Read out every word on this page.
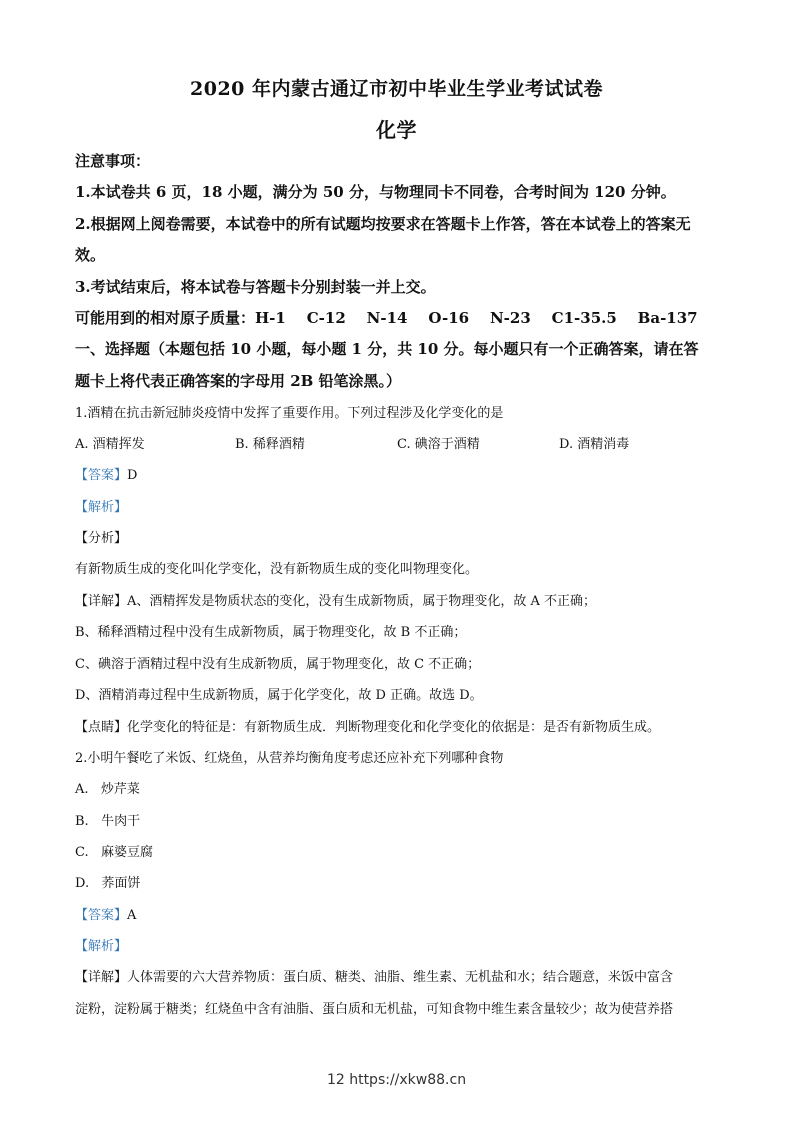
2020 年内蒙古通辽市初中毕业生学业考试试卷
化学
注意事项：
1.本试卷共 6 页，18 小题，满分为 50 分，与物理同卡不同卷，合考时间为 120 分钟。
2.根据网上阅卷需要，本试卷中的所有试题均按要求在答题卡上作答，答在本试卷上的答案无
效。
3.考试结束后，将本试卷与答题卡分别封装一并上交。
可能用到的相对原子质量：H-1    C-12    N-14    O-16    N-23    C1-35.5    Ba-137
一、选择题（本题包括 10 小题，每小题 1 分，共 10 分。每小题只有一个正确答案，请在答
题卡上将代表正确答案的字母用 2B 铅笔涂黑。）
1.酒精在抗击新冠肺炎疫情中发挥了重要作用。下列过程涉及化学变化的是
A. 酒精挥发	B. 稀释酒精	C. 碘溶于酒精	D. 酒精消毒
【答案】D
【解析】
【分析】
有新物质生成的变化叫化学变化，没有新物质生成的变化叫物理变化。
【详解】A、酒精挥发是物质状态的变化，没有生成新物质，属于物理变化，故 A 不正确；
B、稀释酒精过程中没有生成新物质，属于物理变化，故 B 不正确；
C、碘溶于酒精过程中没有生成新物质，属于物理变化，故 C 不正确；
D、酒精消毒过程中生成新物质，属于化学变化，故 D 正确。故选 D。
【点睛】化学变化的特征是：有新物质生成．判断物理变化和化学变化的依据是：是否有新物质生成。
2.小明午餐吃了米饭、红烧鱼，从营养均衡角度考虑还应补充下列哪种食物
A.   炒芹菜
B.   牛肉干
C.   麻婆豆腐
D.   荞面饼
【答案】A
【解析】
【详解】人体需要的六大营养物质：蛋白质、糖类、油脂、维生素、无机盐和水；结合题意，米饭中富含
淀粉，淀粉属于糖类；红烧鱼中含有油脂、蛋白质和无机盐，可知食物中维生素含量较少；故为使营养搭
12 https://xkw88.cn
